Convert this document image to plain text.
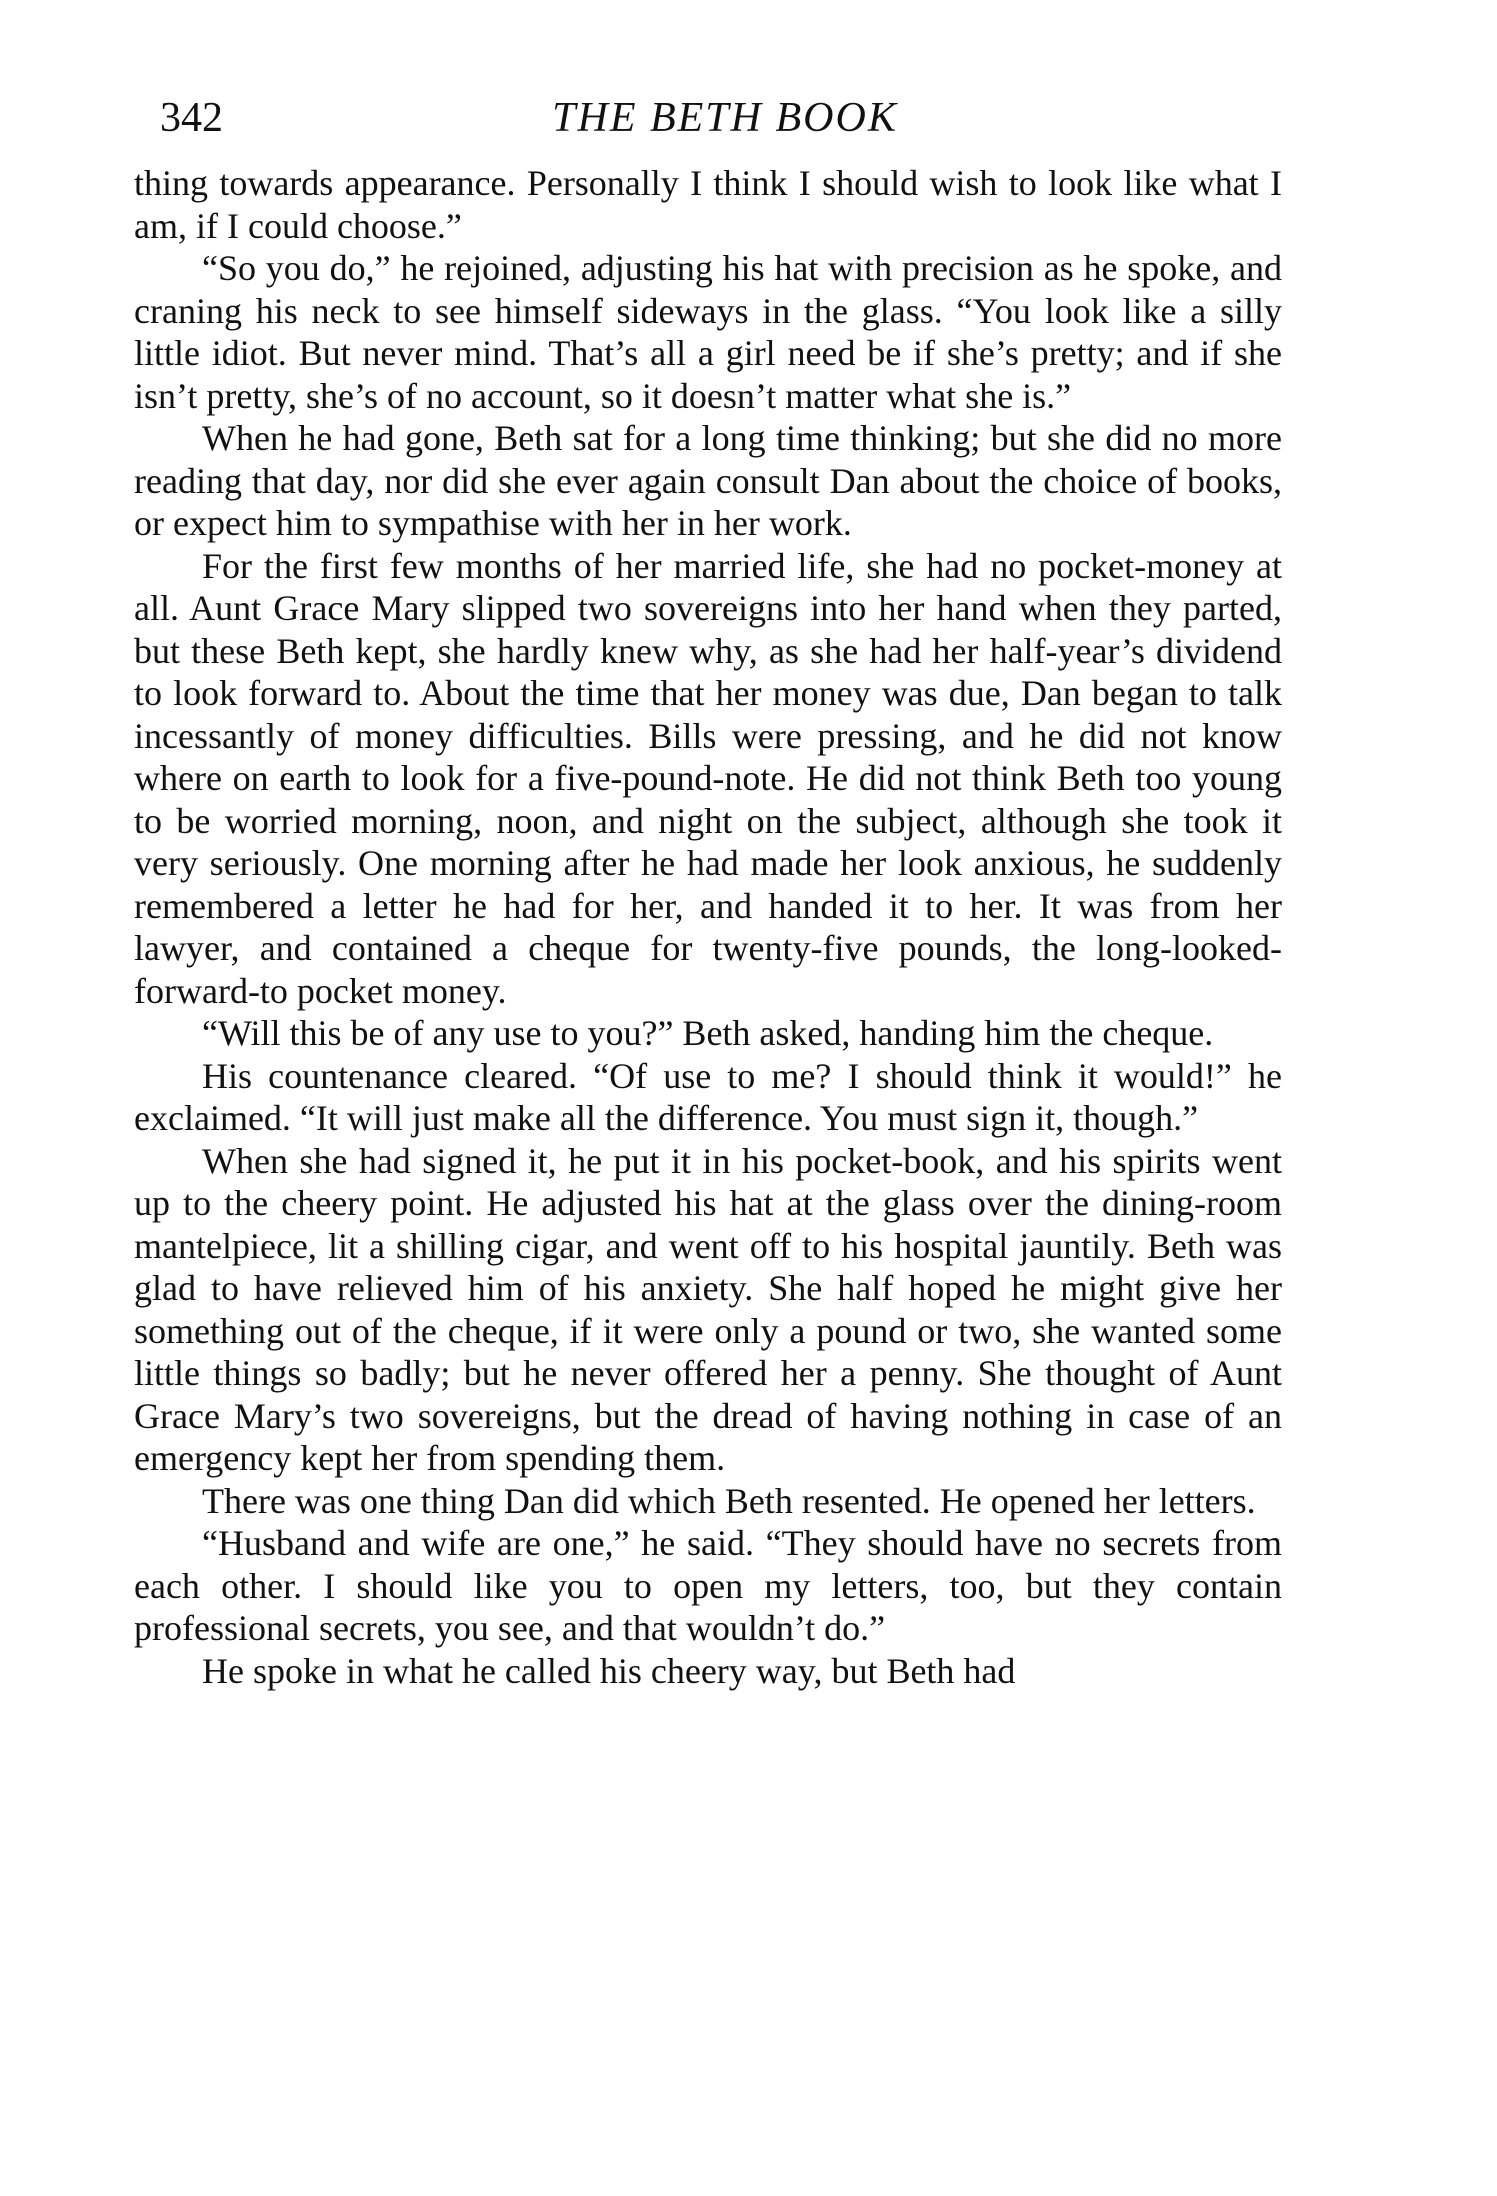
342	THE BETH BOOK

thing towards appearance. Personally I think I should wish to look like what I am, if I could choose.”

“So you do,” he rejoined, adjusting his hat with precision as he spoke, and craning his neck to see himself sideways in the glass. “You look like a silly little idiot. But never mind. That’s all a girl need be if she’s pretty; and if she isn’t pretty, she’s of no account, so it doesn’t matter what she is.”

When he had gone, Beth sat for a long time thinking; but she did no more reading that day, nor did she ever again consult Dan about the choice of books, or expect him to sympathise with her in her work.

For the first few months of her married life, she had no pocket-money at all. Aunt Grace Mary slipped two sovereigns into her hand when they parted, but these Beth kept, she hardly knew why, as she had her half-year’s dividend to look forward to. About the time that her money was due, Dan began to talk incessantly of money difficulties. Bills were pressing, and he did not know where on earth to look for a five-pound-note. He did not think Beth too young to be worried morning, noon, and night on the subject, although she took it very seriously. One morning after he had made her look anxious, he suddenly remembered a letter he had for her, and handed it to her. It was from her lawyer, and contained a cheque for twenty-five pounds, the long-looked-forward-to pocket money.

“Will this be of any use to you?” Beth asked, handing him the cheque.

His countenance cleared. “Of use to me? I should think it would!” he exclaimed. “It will just make all the difference. You must sign it, though.”

When she had signed it, he put it in his pocket-book, and his spirits went up to the cheery point. He adjusted his hat at the glass over the dining-room mantelpiece, lit a shilling cigar, and went off to his hospital jauntily. Beth was glad to have relieved him of his anxiety. She half hoped he might give her something out of the cheque, if it were only a pound or two, she wanted some little things so badly; but he never offered her a penny. She thought of Aunt Grace Mary’s two sovereigns, but the dread of having nothing in case of an emergency kept her from spending them.

There was one thing Dan did which Beth resented. He opened her letters.

“Husband and wife are one,” he said. “They should have no secrets from each other. I should like you to open my letters, too, but they contain professional secrets, you see, and that wouldn’t do.”

He spoke in what he called his cheery way, but Beth had
